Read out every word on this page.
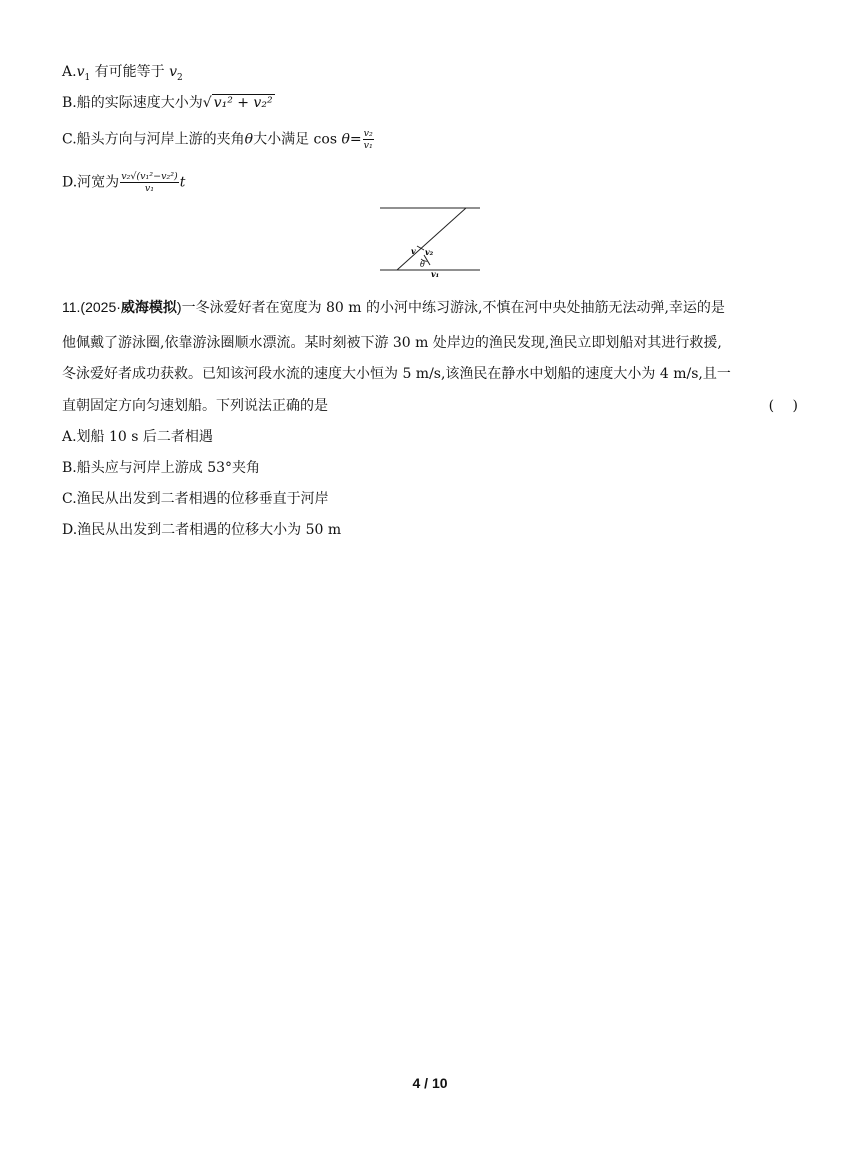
$A.v_1$ 有可能等于 $v_2$
B.船的实际速度大小为√ v₁² + v₂²
C.船头方向与河岸上游的夹角θ大小满足 $\cos \theta= \frac{\text{v₂}}{\text{v₁}}$
D.河宽为 $\frac{\text{v₂√(v₁²−v₂²)}}{\text{v₁}}$ t
v v₂
θ
v₁
11.(2025·威海模拟)一冬泳爱好者在宽度为 80 m 的小河中练习游泳,不慎在河中央处抽筋无法动弹,幸运的是
他佩戴了游泳圈,依靠游泳圈顺水漂流。某时刻被下游 30 m 处岸边的渔民发现,渔民立即划船对其进行救援,
冬泳爱好者成功获救。已知该河段水流的速度大小恒为 5 m/s,该渔民在静水中划船的速度大小为 4 m/s,且一
直朝固定方向匀速划船。下列说法正确的是	(　 )
A.划船 10 s 后二者相遇
B.船头应与河岸上游成 53°夹角
C.渔民从出发到二者相遇的位移垂直于河岸
D.渔民从出发到二者相遇的位移大小为 50 m
4 / 10
